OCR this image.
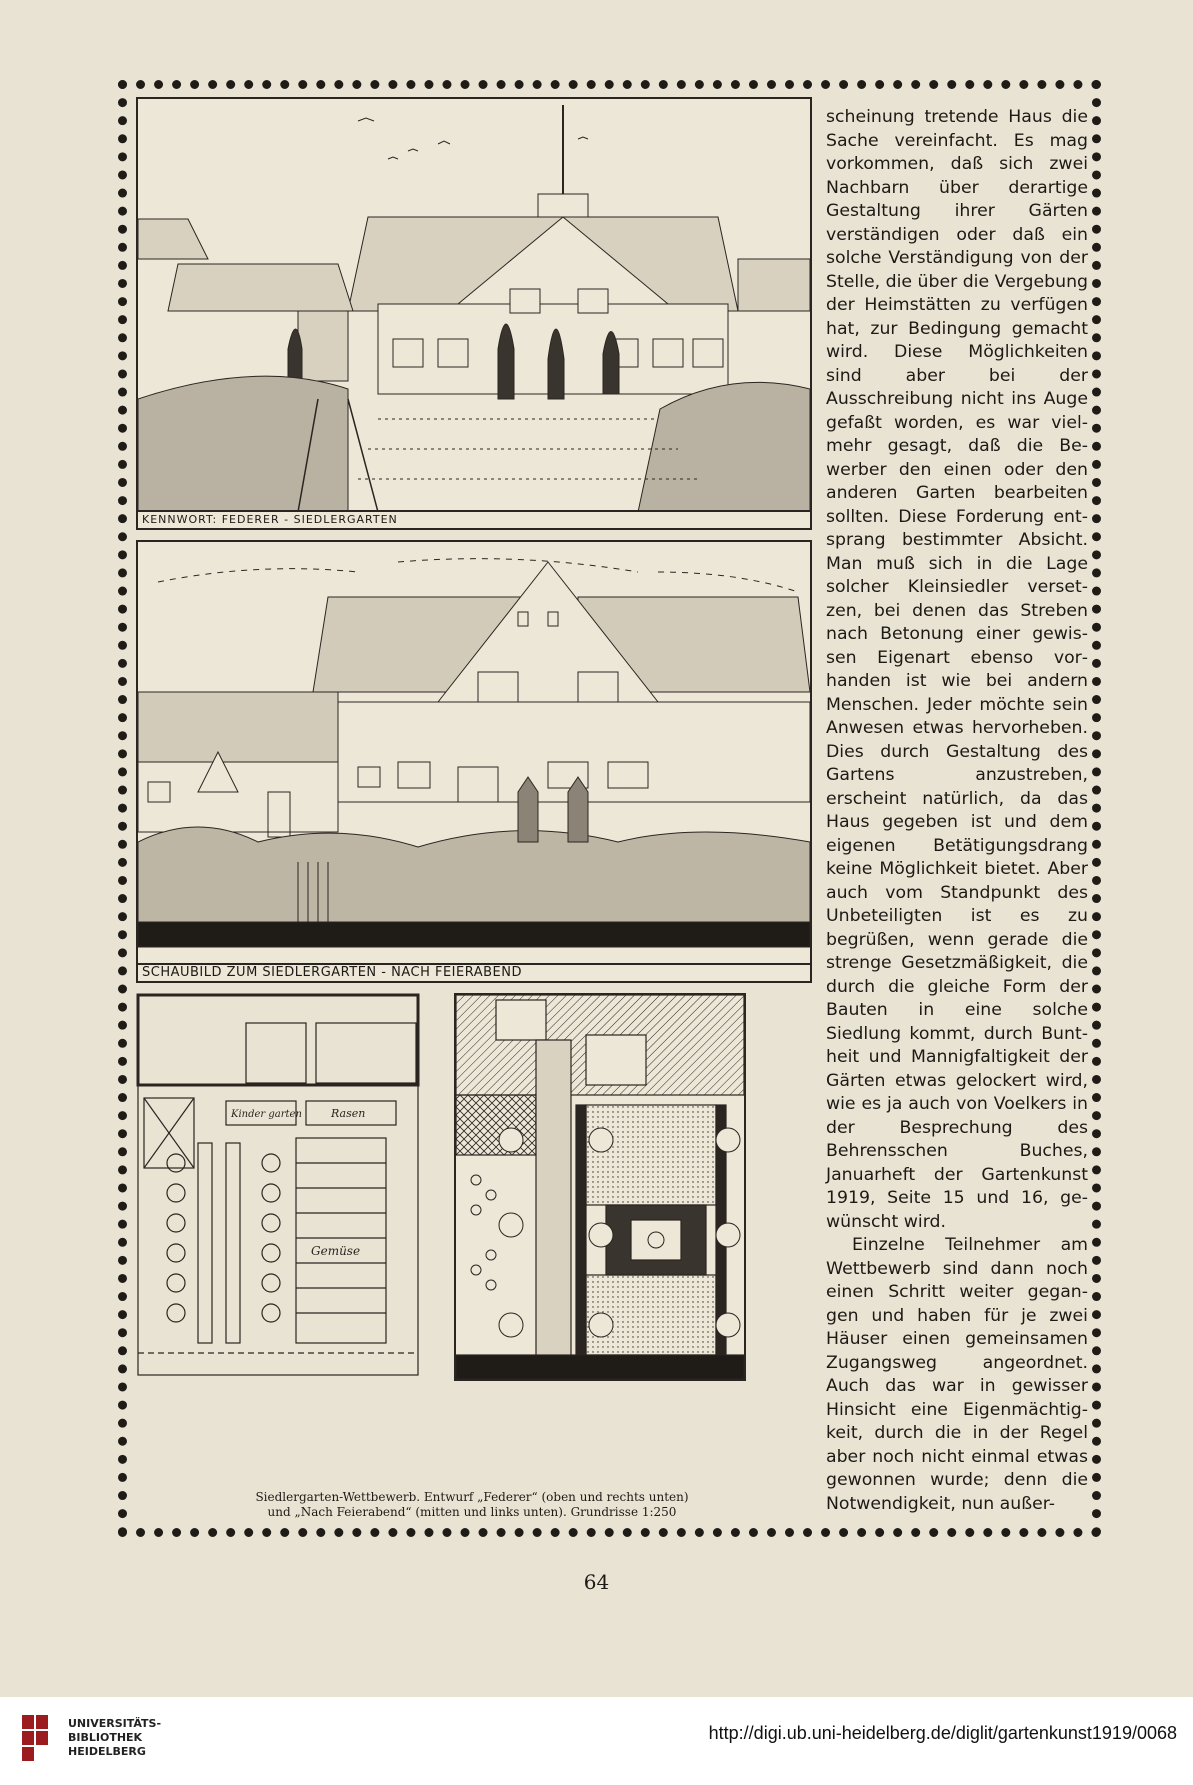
KENNWORT: FEDERER - SIEDLERGARTEN
SCHAUBILD ZUM SIEDLERGARTEN - NACH FEIERABEND
Kinder garten	Rasen
Gemüse

scheinung tretende Haus die Sache vereinfacht. Es mag vorkommen, daß sich zwei Nachbarn über derartige Gestaltung ihrer Gärten verständigen oder daß ein solche Verständigung von der Stelle, die über die Vergebung der Heimstätten zu verfügen hat, zur Bedingung gemacht wird. Diese Möglichkeiten sind aber bei der Ausschreibung nicht ins Auge gefaßt worden, es war vielmehr gesagt, daß die Bewerber den einen oder den anderen Garten bearbeiten sollten. Diese Forderung entsprang bestimmter Absicht. Man muß sich in die Lage solcher Kleinsiedler versetzen, bei denen das Streben nach Betonung einer gewissen Eigenart ebenso vorhanden ist wie bei andern Menschen. Jeder möchte sein Anwesen etwas hervorheben. Dies durch Gestaltung des Gartens anzustreben, erscheint natürlich, da das Haus gegeben ist und dem eigenen Betätigungsdrang keine Möglichkeit bietet. Aber auch vom Standpunkt des Unbeteiligten ist es zu begrüßen, wenn gerade die strenge Gesetzmäßigkeit, die durch die gleiche Form der Bauten in eine solche Siedlung kommt, durch Buntheit und Mannigfaltigkeit der Gärten etwas gelockert wird, wie es ja auch von Voelkers in der Besprechung des Behrensschen Buches, Januarheft der Gartenkunst 1919, Seite 15 und 16, gewünscht wird.

Einzelne Teilnehmer am Wettbewerb sind dann noch einen Schritt weiter gegangen und haben für je zwei Häuser einen gemeinsamen Zugangsweg angeordnet. Auch das war in gewisser Hinsicht eine Eigenmächtigkeit, durch die in der Regel aber noch nicht einmal etwas gewonnen wurde; denn die Notwendigkeit, nun außer-

Siedlergarten-Wettbewerb. Entwurf „Federer“ (oben und rechts unten)
und „Nach Feierabend“ (mitten und links unten). Grundrisse 1:250
64
UNIVERSITÄTS-
BIBLIOTHEK
HEIDELBERG
http://digi.ub.uni-heidelberg.de/diglit/gartenkunst1919/0068
